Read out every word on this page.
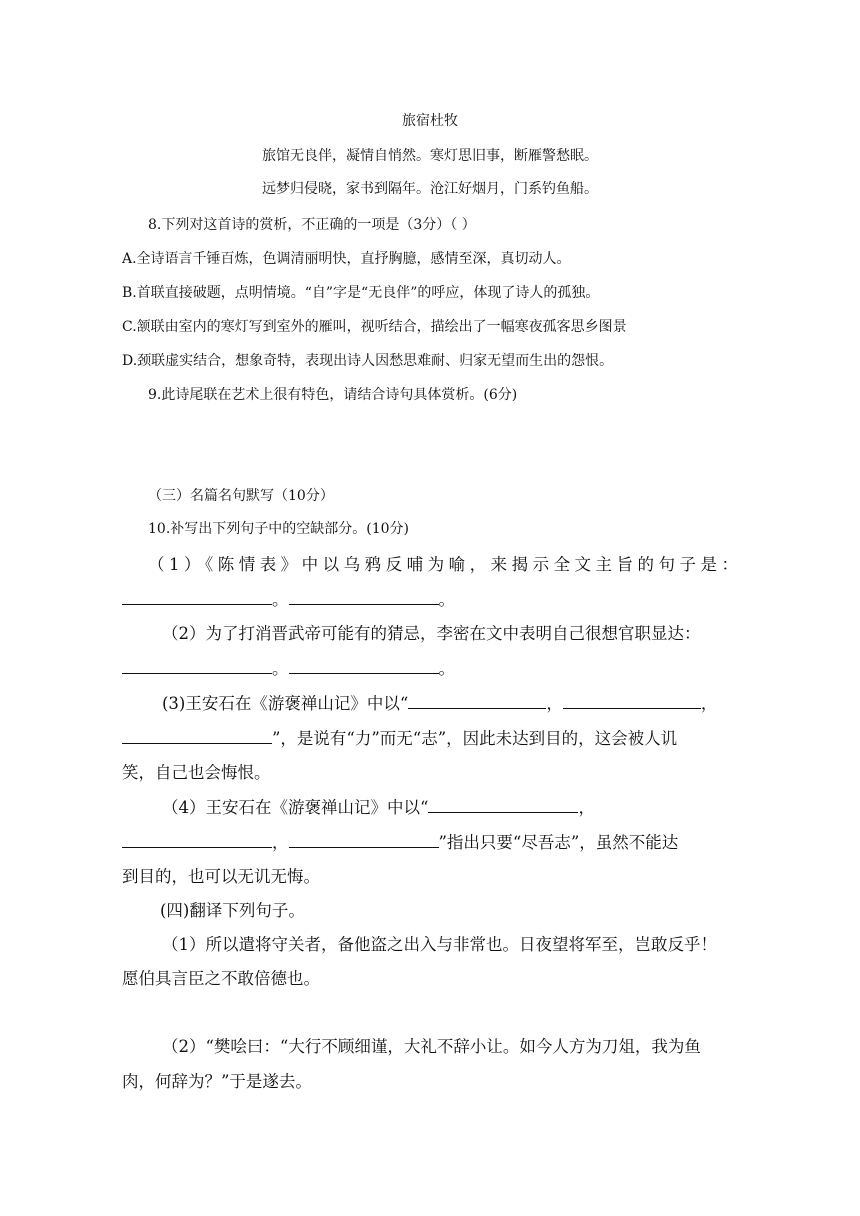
旅宿杜牧
旅馆无良伴，凝情自悄然。寒灯思旧事，断雁警愁眠。
远梦归侵晓，家书到隔年。沧江好烟月，门系钓鱼船。
8.下列对这首诗的赏析，不正确的一项是（3分）（ ）
A.全诗语言千锤百炼，色调清丽明快，直抒胸臆，感情至深，真切动人。
B.首联直接破题，点明情境。“自”字是“无良伴”的呼应，体现了诗人的孤独。
C.颔联由室内的寒灯写到室外的雁叫，视听结合，描绘出了一幅寒夜孤客思乡图景
D.颈联虚实结合，想象奇特，表现出诗人因愁思难耐、归家无望而生出的怨恨。
9.此诗尾联在艺术上很有特色，请结合诗句具体赏析。(6分)
（三）名篇名句默写（10分）
10.补写出下列句子中的空缺部分。(10分)
（1）《陈情表》中以乌鸦反哺为喻，来揭示全文主旨的句子是：
。	。
（2）为了打消晋武帝可能有的猜忌，李密在文中表明自己很想官职显达：
。	。
(3)王安石在《游褒禅山记》中以“	，	，
”，是说有“力”而无“志”，因此未达到目的，这会被人讥
笑，自己也会悔恨。
（4）王安石在《游褒禅山记》中以“	，
，	”指出只要“尽吾志”，虽然不能达
到目的，也可以无讥无悔。
(四)翻译下列句子。
（1）所以遣将守关者，备他盗之出入与非常也。日夜望将军至，岂敢反乎！
愿伯具言臣之不敢倍德也。
（2）“樊哙曰：“大行不顾细谨，大礼不辞小让。如今人方为刀俎，我为鱼
肉，何辞为？”于是遂去。
